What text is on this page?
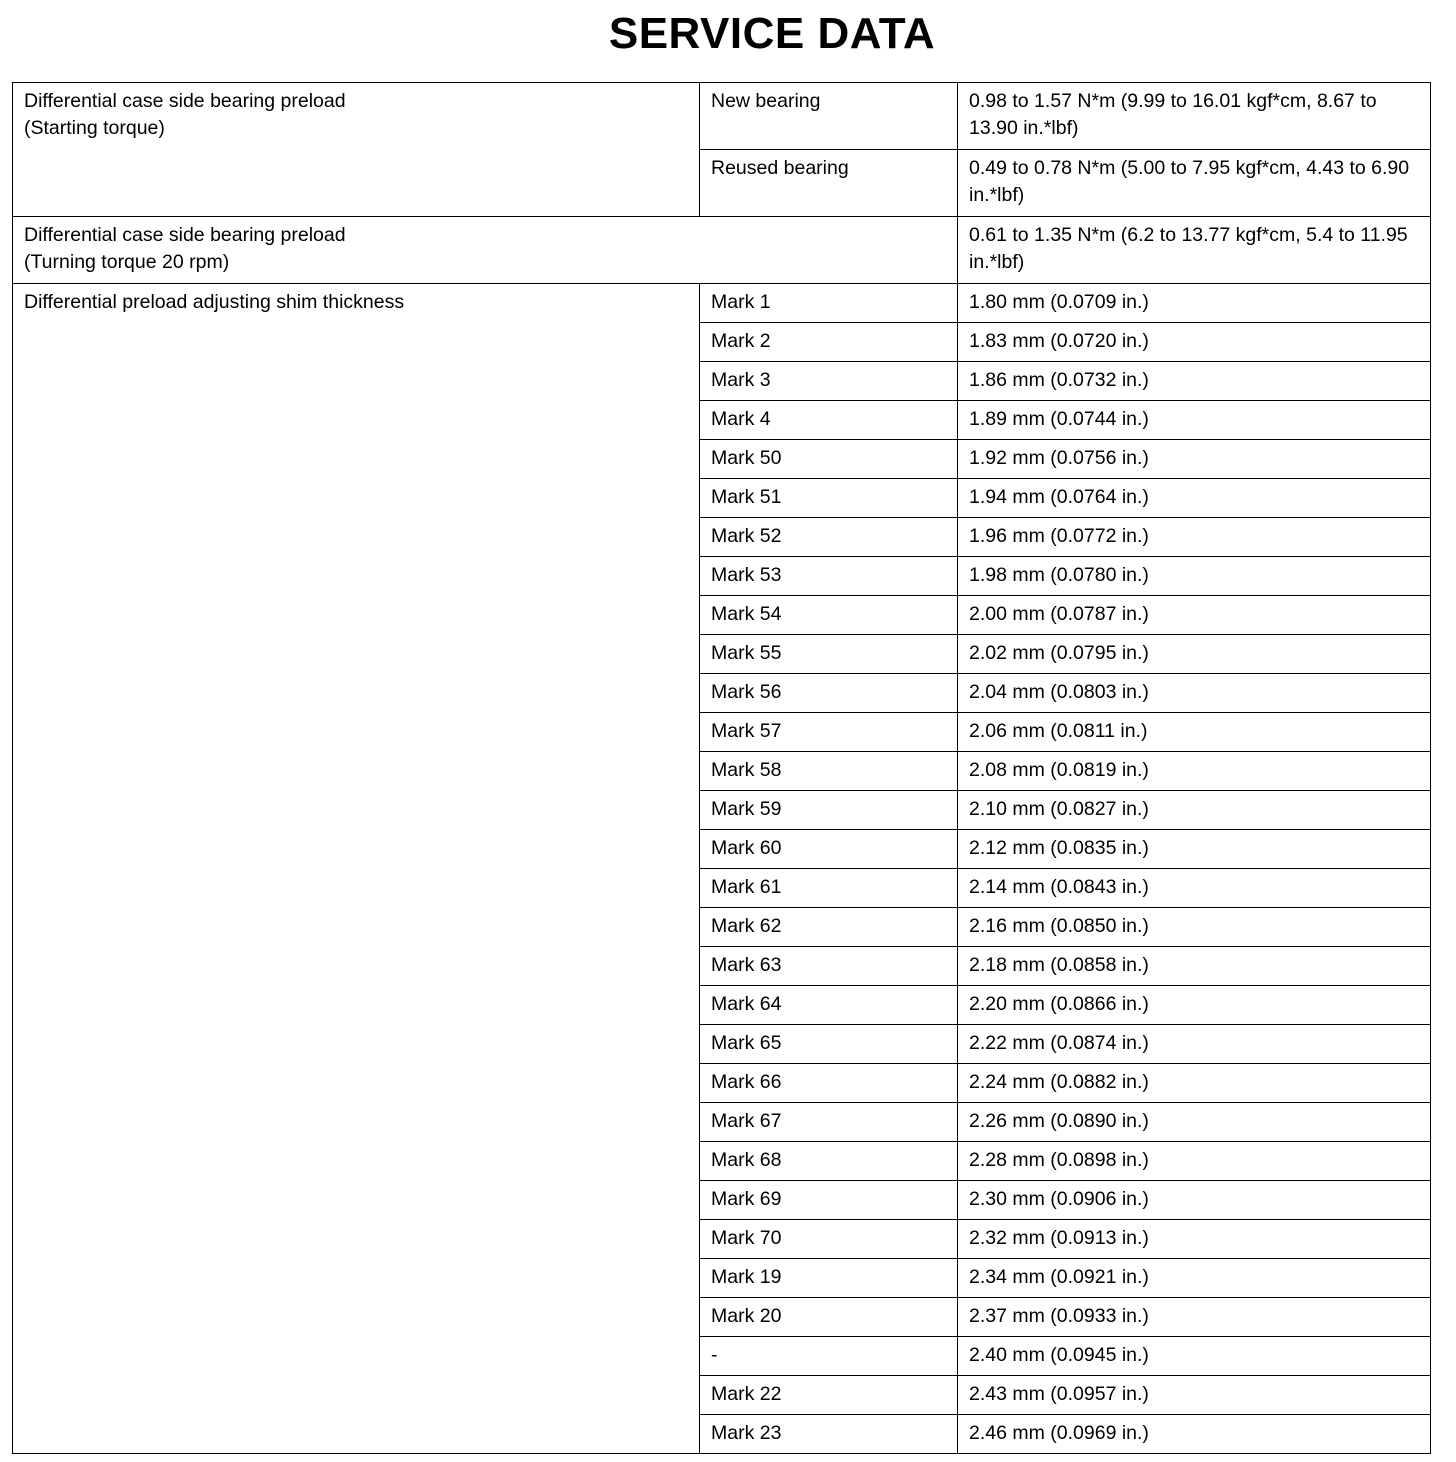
SERVICE DATA
Differential case side bearing preload
(Starting torque)	New bearing	0.98 to 1.57 N*m (9.99 to 16.01 kgf*cm, 8.67 to 13.90 in.*lbf)
	Reused bearing	0.49 to 0.78 N*m (5.00 to 7.95 kgf*cm, 4.43 to 6.90 in.*lbf)
Differential case side bearing preload
(Turning torque 20 rpm)		0.61 to 1.35 N*m (6.2 to 13.77 kgf*cm, 5.4 to 11.95 in.*lbf)
Differential preload adjusting shim thickness	Mark 1	1.80 mm (0.0709 in.)
	Mark 2	1.83 mm (0.0720 in.)
	Mark 3	1.86 mm (0.0732 in.)
	Mark 4	1.89 mm (0.0744 in.)
	Mark 50	1.92 mm (0.0756 in.)
	Mark 51	1.94 mm (0.0764 in.)
	Mark 52	1.96 mm (0.0772 in.)
	Mark 53	1.98 mm (0.0780 in.)
	Mark 54	2.00 mm (0.0787 in.)
	Mark 55	2.02 mm (0.0795 in.)
	Mark 56	2.04 mm (0.0803 in.)
	Mark 57	2.06 mm (0.0811 in.)
	Mark 58	2.08 mm (0.0819 in.)
	Mark 59	2.10 mm (0.0827 in.)
	Mark 60	2.12 mm (0.0835 in.)
	Mark 61	2.14 mm (0.0843 in.)
	Mark 62	2.16 mm (0.0850 in.)
	Mark 63	2.18 mm (0.0858 in.)
	Mark 64	2.20 mm (0.0866 in.)
	Mark 65	2.22 mm (0.0874 in.)
	Mark 66	2.24 mm (0.0882 in.)
	Mark 67	2.26 mm (0.0890 in.)
	Mark 68	2.28 mm (0.0898 in.)
	Mark 69	2.30 mm (0.0906 in.)
	Mark 70	2.32 mm (0.0913 in.)
	Mark 19	2.34 mm (0.0921 in.)
	Mark 20	2.37 mm (0.0933 in.)
	-	2.40 mm (0.0945 in.)
	Mark 22	2.43 mm (0.0957 in.)
	Mark 23	2.46 mm (0.0969 in.)
